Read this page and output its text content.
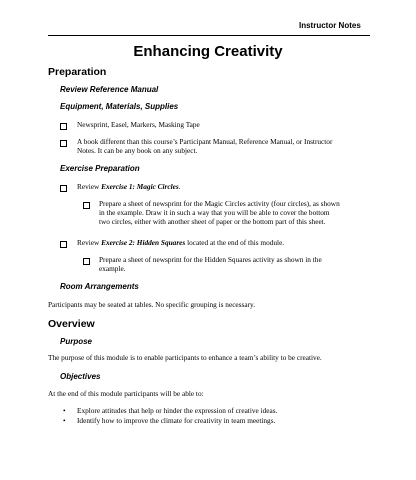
Instructor Notes
Enhancing Creativity
Preparation
Review Reference Manual
Equipment, Materials, Supplies
Newsprint, Easel, Markers, Masking Tape
A book different than this course’s Participant Manual, Reference Manual, or Instructor
Notes. It can be any book on any subject.
Exercise Preparation
Review Exercise 1: Magic Circles.
Prepare a sheet of newsprint for the Magic Circles activity (four circles), as shown
in the example. Draw it in such a way that you will be able to cover the bottom
two circles, either with another sheet of paper or the bottom part of this sheet.
Review Exercise 2: Hidden Squares located at the end of this module.
Prepare a sheet of newsprint for the Hidden Squares activity as shown in the
example.
Room Arrangements
Participants may be seated at tables. No specific grouping is necessary.
Overview
Purpose
The purpose of this module is to enable participants to enhance a team’s ability to be creative.
Objectives
At the end of this module participants will be able to:
• Explore attitudes that help or hinder the expression of creative ideas.
• Identify how to improve the climate for creativity in team meetings.
